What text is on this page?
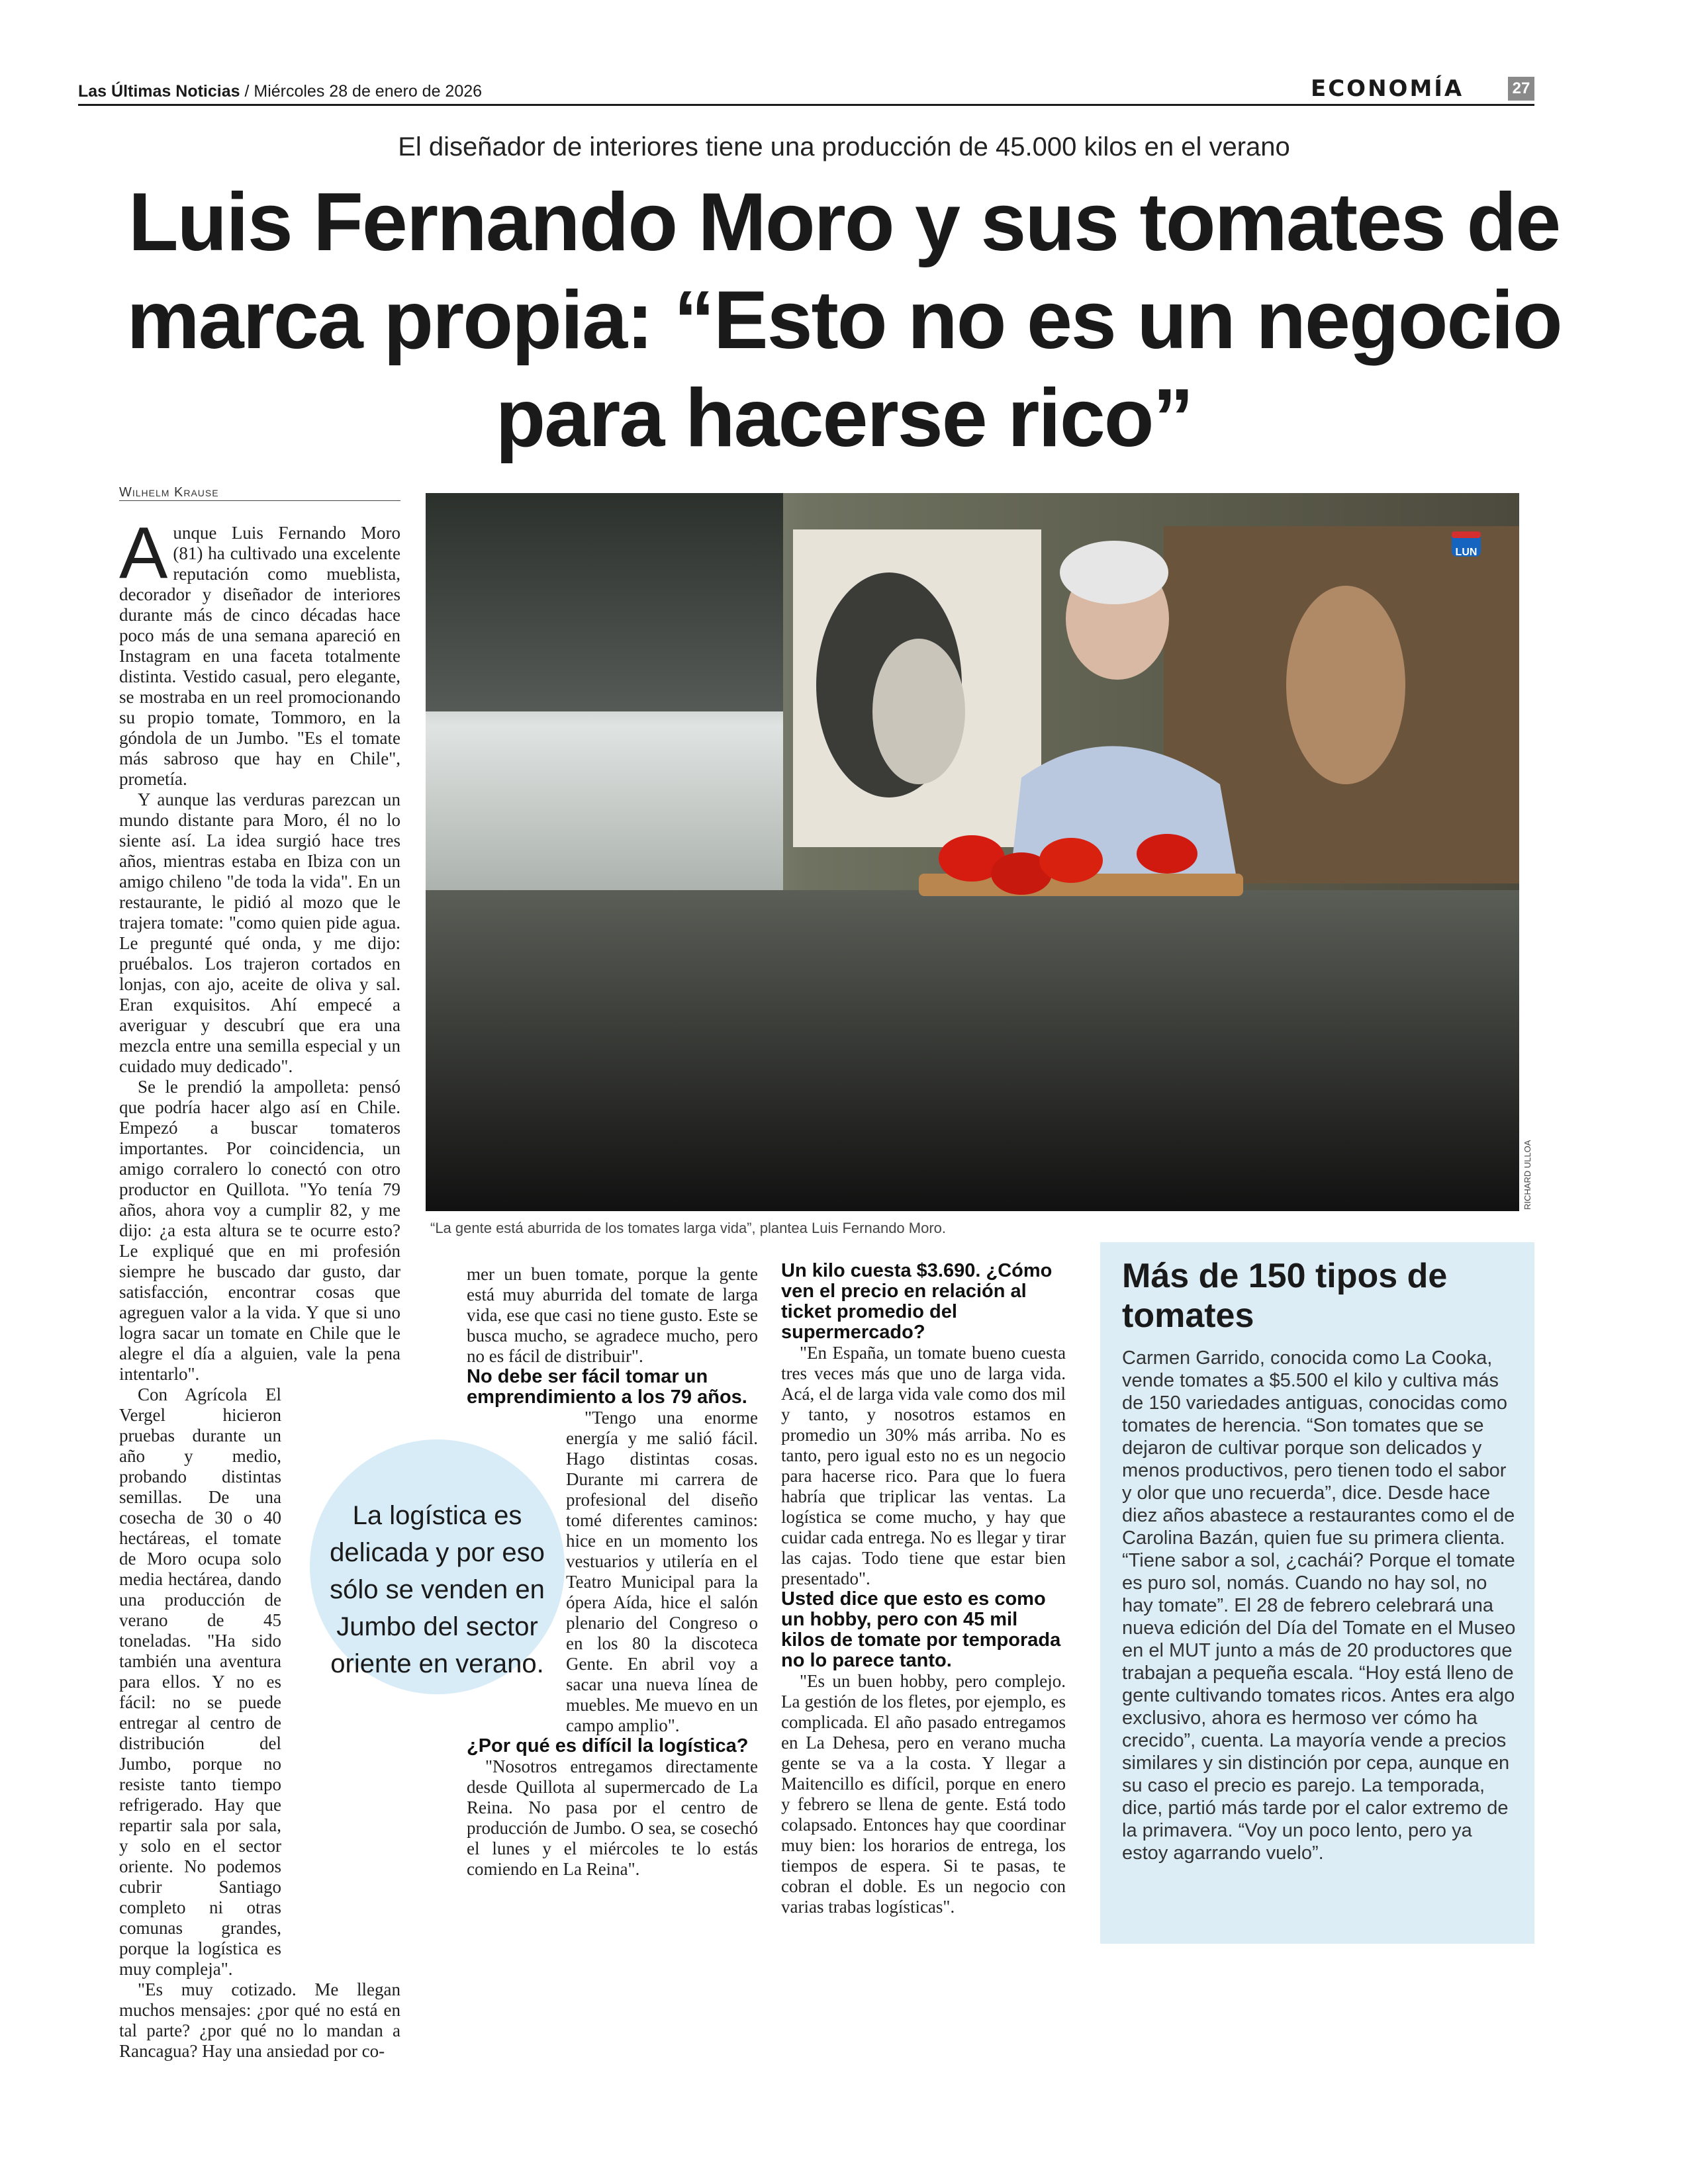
Las Últimas Noticias / Miércoles 28 de enero de 2026	ECONOMÍA	27
El diseñador de interiores tiene una producción de 45.000 kilos en el verano
Luis Fernando Moro y sus tomates de marca propia: “Esto no es un negocio para hacerse rico”
Wilhelm Krause
LUN
RICHARD ULLOA
“La gente está aburrida de los tomates larga vida”, plantea Luis Fernando Moro.

Aunque Luis Fernando Moro (81) ha cultivado una excelente reputación como mueblista, decorador y diseñador de interiores durante más de cinco décadas hace poco más de una semana apareció en Instagram en una faceta totalmente distinta. Vestido casual, pero elegante, se mostraba en un reel promocionando su propio tomate, Tommoro, en la góndola de un Jumbo. "Es el tomate más sabroso que hay en Chile", prometía.

Y aunque las verduras parezcan un mundo distante para Moro, él no lo siente así. La idea surgió hace tres años, mientras estaba en Ibiza con un amigo chileno "de toda la vida". En un restaurante, le pidió al mozo que le trajera tomate: "como quien pide agua. Le pregunté qué onda, y me dijo: pruébalos. Los trajeron cortados en lonjas, con ajo, aceite de oliva y sal. Eran exquisitos. Ahí empecé a averiguar y descubrí que era una mezcla entre una semilla especial y un cuidado muy dedicado".

Se le prendió la ampolleta: pensó que podría hacer algo así en Chile. Empezó a buscar tomateros importantes. Por coincidencia, un amigo corralero lo conectó con otro productor en Quillota. "Yo tenía 79 años, ahora voy a cumplir 82, y me dijo: ¿a esta altura se te ocurre esto? Le expliqué que en mi profesión siempre he buscado dar gusto, dar satisfacción, encontrar cosas que agreguen valor a la vida. Y que si uno logra sacar un tomate en Chile que le alegre el día a alguien, vale la pena intentarlo".

Con Agrícola El Vergel hicieron pruebas durante un año y medio, probando distintas semillas. De una cosecha de 30 o 40 hectáreas, el tomate de Moro ocupa solo media hectárea, dando una producción de verano de 45 toneladas. "Ha sido también una aventura para ellos. Y no es fácil: no se puede entregar al centro de distribución del Jumbo, porque no resiste tanto tiempo refrigerado. Hay que repartir sala por sala, y solo en el sector oriente. No podemos cubrir Santiago completo ni otras comunas grandes, porque la logística es muy compleja".

"Es muy cotizado. Me llegan muchos mensajes: ¿por qué no está en tal parte? ¿por qué no lo mandan a Rancagua? Hay una ansiedad por co-

mer un buen tomate, porque la gente está muy aburrida del tomate de larga vida, ese que casi no tiene gusto. Este se busca mucho, se agradece mucho, pero no es fácil de distribuir".

No debe ser fácil tomar un emprendimiento a los 79 años.

"Tengo una enorme energía y me salió fácil. Hago distintas cosas. Durante mi carrera de profesional del diseño tomé diferentes caminos: hice en un momento los vestuarios y utilería en el Teatro Municipal para la ópera Aída, hice el salón plenario del Congreso o en los 80 la discoteca Gente. En abril voy a sacar una nueva línea de muebles. Me muevo en un campo amplio".

¿Por qué es difícil la logística?

"Nosotros entregamos directamente desde Quillota al supermercado de La Reina. No pasa por el centro de producción de Jumbo. O sea, se cosechó el lunes y el miércoles te lo estás comiendo en La Reina".

Un kilo cuesta $3.690. ¿Cómo ven el precio en relación al ticket promedio del supermercado?

"En España, un tomate bueno cuesta tres veces más que uno de larga vida. Acá, el de larga vida vale como dos mil y tanto, y nosotros estamos en promedio un 30% más arriba. No es tanto, pero igual esto no es un negocio para hacerse rico. Para que lo fuera habría que triplicar las ventas. La logística se come mucho, y hay que cuidar cada entrega. No es llegar y tirar las cajas. Todo tiene que estar bien presentado".

Usted dice que esto es como un hobby, pero con 45 mil kilos de tomate por temporada no lo parece tanto.

"Es un buen hobby, pero complejo. La gestión de los fletes, por ejemplo, es complicada. El año pasado entregamos en La Dehesa, pero en verano mucha gente se va a la costa. Y llegar a Maitencillo es difícil, porque en enero y febrero se llena de gente. Está todo colapsado. Entonces hay que coordinar muy bien: los horarios de entrega, los tiempos de espera. Si te pasas, te cobran el doble. Es un negocio con varias trabas logísticas".

La logística es delicada y por eso sólo se venden en Jumbo del sector oriente en verano.
Más de 150 tipos de tomates
Carmen Garrido, conocida como La Cooka, vende tomates a $5.500 el kilo y cultiva más de 150 variedades antiguas, conocidas como tomates de herencia. “Son tomates que se dejaron de cultivar porque son delicados y menos productivos, pero tienen todo el sabor y olor que uno recuerda”, dice. Desde hace diez años abastece a restaurantes como el de Carolina Bazán, quien fue su primera clienta. “Tiene sabor a sol, ¿cachái? Porque el tomate es puro sol, nomás. Cuando no hay sol, no hay tomate”. El 28 de febrero celebrará una nueva edición del Día del Tomate en el Museo en el MUT junto a más de 20 productores que trabajan a pequeña escala. “Hoy está lleno de gente cultivando tomates ricos. Antes era algo exclusivo, ahora es hermoso ver cómo ha crecido”, cuenta. La mayoría vende a precios similares y sin distinción por cepa, aunque en su caso el precio es parejo. La temporada, dice, partió más tarde por el calor extremo de la primavera. “Voy un poco lento, pero ya estoy agarrando vuelo”.
